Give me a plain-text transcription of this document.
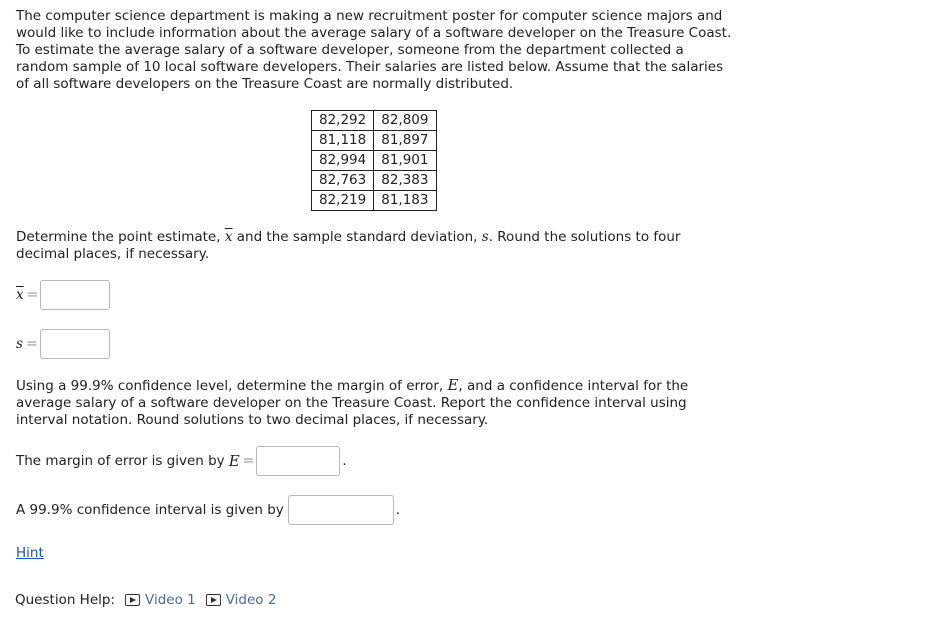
The computer science department is making a new recruitment poster for computer science majors and would like to include information about the average salary of a software developer on the Treasure Coast. To estimate the average salary of a software developer, someone from the department collected a random sample of 10 local software developers. Their salaries are listed below. Assume that the salaries of all software developers on the Treasure Coast are normally distributed.

82,292	82,809
81,118	81,897
82,994	81,901
82,763	82,383
82,219	81,183

Determine the point estimate, $\overline{x}$ and the sample standard deviation, s. Round the solutions to four decimal places, if necessary.

$\overline{x}$ =
s =

Using a 99.9% confidence level, determine the margin of error, E, and a confidence interval for the average salary of a software developer on the Treasure Coast. Report the confidence interval using interval notation. Round solutions to two decimal places, if necessary.

The margin of error is given by E =	.
A 99.9% confidence interval is given by	.
Hint
Question Help: Video 1 Video 2
